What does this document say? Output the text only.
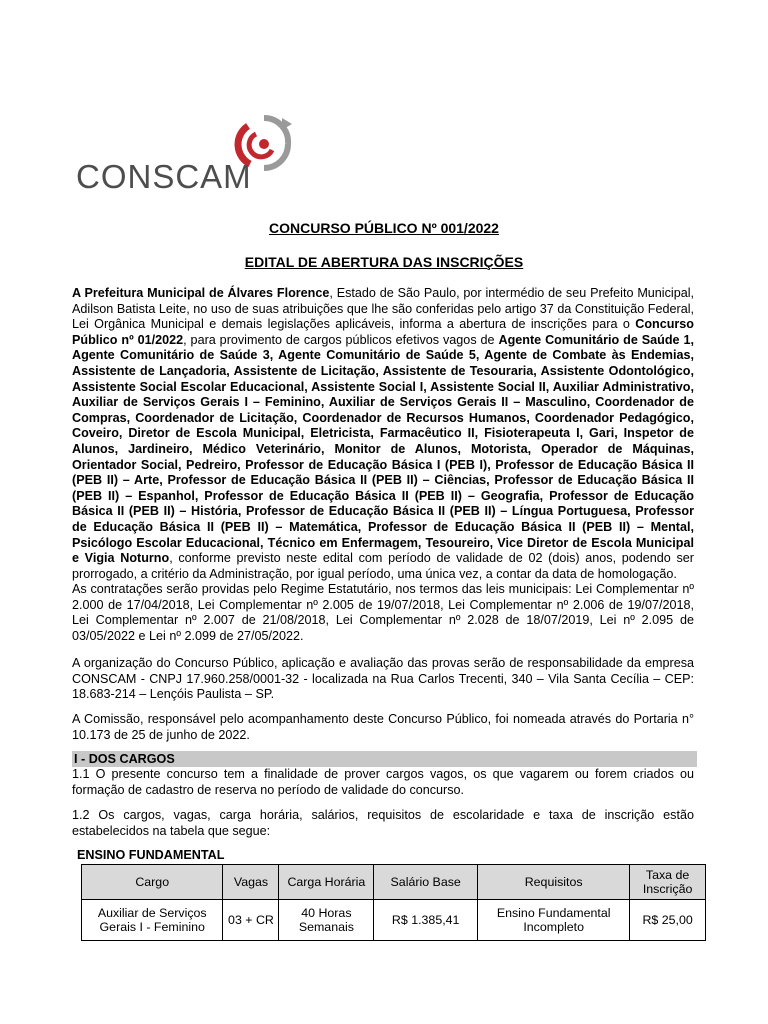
CONSCAM
CONCURSO PÚBLICO Nº 001/2022
EDITAL DE ABERTURA DAS INSCRIÇÕES
A Prefeitura Municipal de Álvares Florence, Estado de São Paulo, por intermédio de seu Prefeito Municipal, Adilson Batista Leite, no uso de suas atribuições que lhe são conferidas pelo artigo 37 da Constituição Federal, Lei Orgânica Municipal e demais legislações aplicáveis, informa a abertura de inscrições para o Concurso Público nº 01/2022, para provimento de cargos públicos efetivos vagos de Agente Comunitário de Saúde 1, Agente Comunitário de Saúde 3, Agente Comunitário de Saúde 5, Agente de Combate às Endemias, Assistente de Lançadoria, Assistente de Licitação, Assistente de Tesouraria, Assistente Odontológico, Assistente Social Escolar Educacional, Assistente Social I, Assistente Social II, Auxiliar Administrativo, Auxiliar de Serviços Gerais I – Feminino, Auxiliar de Serviços Gerais II – Masculino, Coordenador de Compras, Coordenador de Licitação, Coordenador de Recursos Humanos, Coordenador Pedagógico, Coveiro, Diretor de Escola Municipal, Eletricista, Farmacêutico II, Fisioterapeuta I, Gari, Inspetor de Alunos, Jardineiro, Médico Veterinário, Monitor de Alunos, Motorista, Operador de Máquinas, Orientador Social, Pedreiro, Professor de Educação Básica I (PEB I), Professor de Educação Básica II (PEB II) – Arte, Professor de Educação Básica II (PEB II) – Ciências, Professor de Educação Básica II (PEB II) – Espanhol, Professor de Educação Básica II (PEB II) – Geografia, Professor de Educação Básica II (PEB II) – História, Professor de Educação Básica II (PEB II) – Língua Portuguesa, Professor de Educação Básica II (PEB II) – Matemática, Professor de Educação Básica II (PEB II) – Mental, Psicólogo Escolar Educacional, Técnico em Enfermagem, Tesoureiro, Vice Diretor de Escola Municipal e Vigia Noturno, conforme previsto neste edital com período de validade de 02 (dois) anos, podendo ser prorrogado, a critério da Administração, por igual período, uma única vez, a contar da data de homologação.
As contratações serão providas pelo Regime Estatutário, nos termos das leis municipais: Lei Complementar nº 2.000 de 17/04/2018, Lei Complementar nº 2.005 de 19/07/2018, Lei Complementar nº 2.006 de 19/07/2018, Lei Complementar nº 2.007 de 21/08/2018, Lei Complementar nº 2.028 de 18/07/2019, Lei nº 2.095 de 03/05/2022 e Lei nº 2.099 de 27/05/2022.
A organização do Concurso Público, aplicação e avaliação das provas serão de responsabilidade da empresa CONSCAM - CNPJ 17.960.258/0001-32 - localizada na Rua Carlos Trecenti, 340 – Vila Santa Cecília – CEP: 18.683-214 – Lençóis Paulista – SP.
A Comissão, responsável pelo acompanhamento deste Concurso Público, foi nomeada através do Portaria n° 10.173 de 25 de junho de 2022.
I - DOS CARGOS
1.1 O presente concurso tem a finalidade de prover cargos vagos, os que vagarem ou forem criados ou formação de cadastro de reserva no período de validade do concurso.
1.2 Os cargos, vagas, carga horária, salários, requisitos de escolaridade e taxa de inscrição estão estabelecidos na tabela que segue:
ENSINO FUNDAMENTAL
Cargo	Vagas	Carga Horária	Salário Base	Requisitos	Taxa de Inscrição
Auxiliar de Serviços Gerais I - Feminino	03 + CR	40 Horas Semanais	R$ 1.385,41	Ensino Fundamental Incompleto	R$ 25,00
